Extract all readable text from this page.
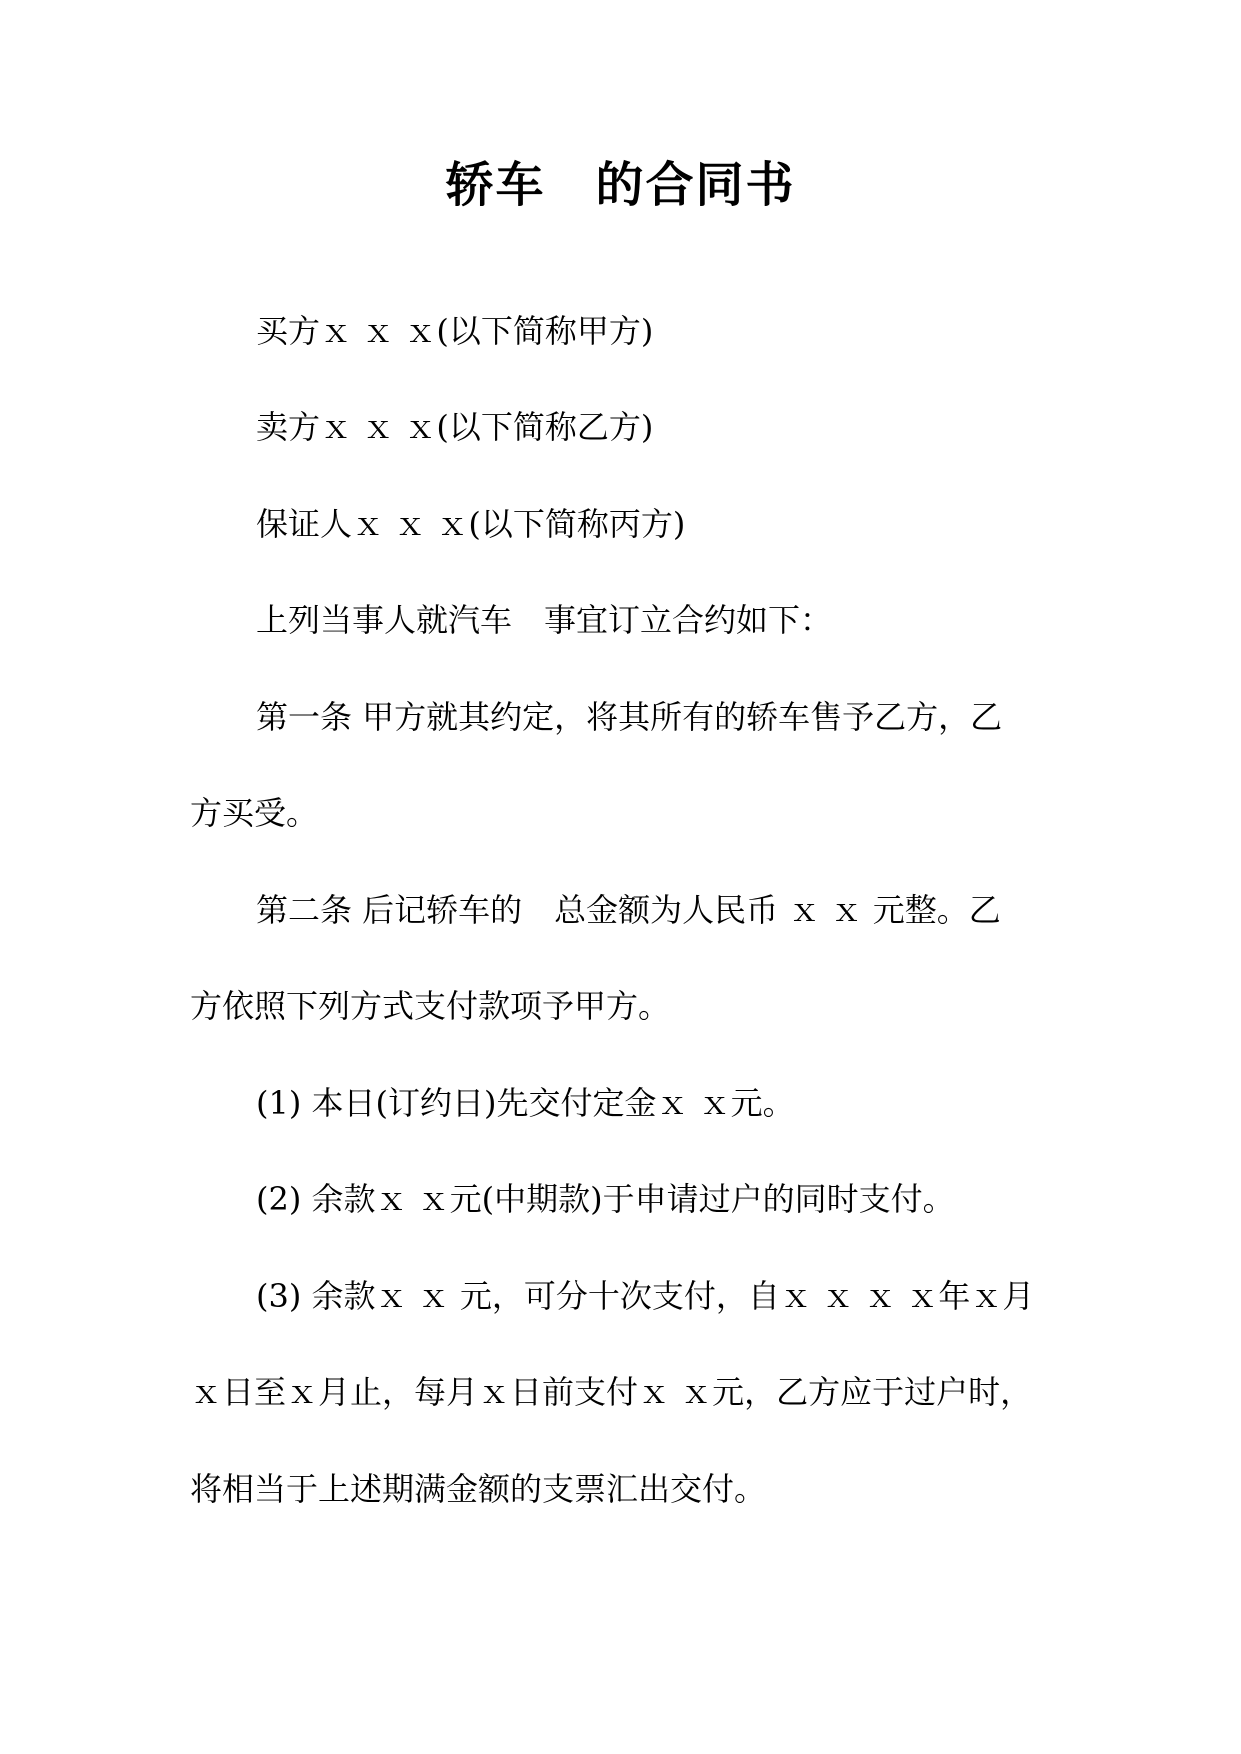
轿车　的合同书
买方ｘ ｘ ｘ(以下简称甲方)
卖方ｘ ｘ ｘ(以下简称乙方)
保证人ｘ ｘ ｘ(以下简称丙方)
上列当事人就汽车　事宜订立合约如下：
第一条 甲方就其约定，将其所有的轿车售予乙方，乙
方买受。
第二条 后记轿车的　总金额为人民币 ｘ ｘ 元整。乙
方依照下列方式支付款项予甲方。
(1) 本日(订约日)先交付定金ｘ ｘ元。
(2) 余款ｘ ｘ元(中期款)于申请过户的同时支付。
(3) 余款ｘ ｘ 元，可分十次支付，自ｘ ｘ ｘ ｘ年ｘ月
ｘ日至ｘ月止，每月ｘ日前支付ｘ ｘ元，乙方应于过户时，
将相当于上述期满金额的支票汇出交付。
